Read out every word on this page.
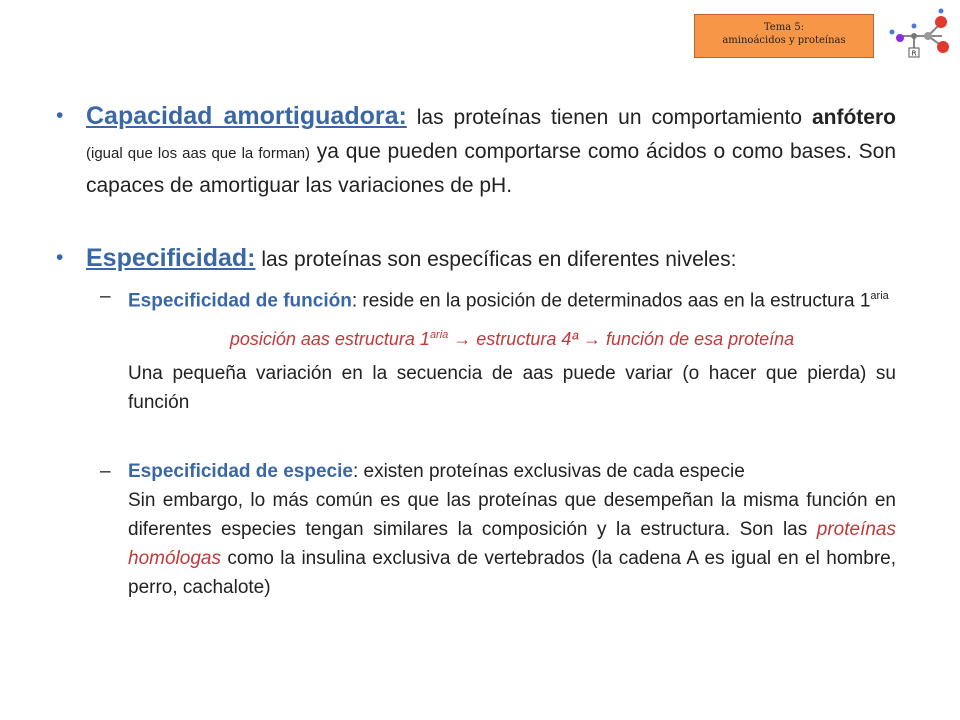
Tema 5:
aminoácidos y proteínas
R
• Capacidad amortiguadora: las proteínas tienen un comportamiento anfótero (igual que los aas que la forman) ya que pueden comportarse como ácidos o como bases. Son capaces de amortiguar las variaciones de pH.
• Especificidad: las proteínas son específicas en diferentes niveles:
– Especificidad de función: reside en la posición de determinados aas en la estructura $1^{aria}$
posición aas estructura $1^{aria}$ → estructura 4ª → función de esa proteína
Una pequeña variación en la secuencia de aas puede variar (o hacer que pierda) su función
– Especificidad de especie: existen proteínas exclusivas de cada especie
Sin embargo, lo más común es que las proteínas que desempeñan la misma función en diferentes especies tengan similares la composición y la estructura. Son las proteínas homólogas como la insulina exclusiva de vertebrados (la cadena A es igual en el hombre, perro, cachalote)
